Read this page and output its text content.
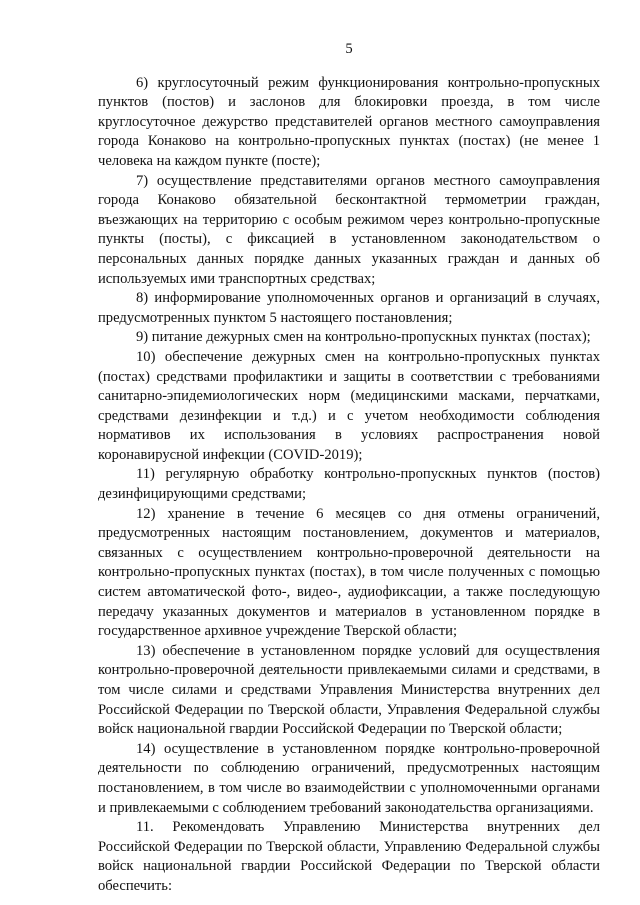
5

6) круглосуточный режим функционирования контрольно-пропускных пунктов (постов) и заслонов для блокировки проезда, в том числе круглосуточное дежурство представителей органов местного самоуправления города Конаково на контрольно-пропускных пунктах (постах) (не менее 1 человека на каждом пункте (посте);

7) осуществление представителями органов местного самоуправления города Конаково обязательной бесконтактной термометрии граждан, въезжающих на территорию с особым режимом через контрольно-пропускные пункты (посты), с фиксацией в установленном законодательством о персональных данных порядке данных указанных граждан и данных об используемых ими транспортных средствах;

8) информирование уполномоченных органов и организаций в случаях, предусмотренных пунктом 5 настоящего постановления;

9) питание дежурных смен на контрольно-пропускных пунктах (постах);

10) обеспечение дежурных смен на контрольно-пропускных пунктах (постах) средствами профилактики и защиты в соответствии с требованиями санитарно-эпидемиологических норм (медицинскими масками, перчатками, средствами дезинфекции и т.д.) и с учетом необходимости соблюдения нормативов их использования в условиях распространения новой коронавирусной инфекции (COVID-2019);

11) регулярную обработку контрольно-пропускных пунктов (постов) дезинфицирующими средствами;

12) хранение в течение 6 месяцев со дня отмены ограничений, предусмотренных настоящим постановлением, документов и материалов, связанных с осуществлением контрольно-проверочной деятельности на контрольно-пропускных пунктах (постах), в том числе полученных с помощью систем автоматической фото-, видео-, аудиофиксации, а также последующую передачу указанных документов и материалов в установленном порядке в государственное архивное учреждение Тверской области;

13) обеспечение в установленном порядке условий для осуществления контрольно-проверочной деятельности привлекаемыми силами и средствами, в том числе силами и средствами Управления Министерства внутренних дел Российской Федерации по Тверской области, Управления Федеральной службы войск национальной гвардии Российской Федерации по Тверской области;

14) осуществление в установленном порядке контрольно-проверочной деятельности по соблюдению ограничений, предусмотренных настоящим постановлением, в том числе во взаимодействии с уполномоченными органами и привлекаемыми с соблюдением требований законодательства организациями.

11. Рекомендовать Управлению Министерства внутренних дел Российской Федерации по Тверской области, Управлению Федеральной службы войск национальной гвардии Российской Федерации по Тверской области обеспечить:
